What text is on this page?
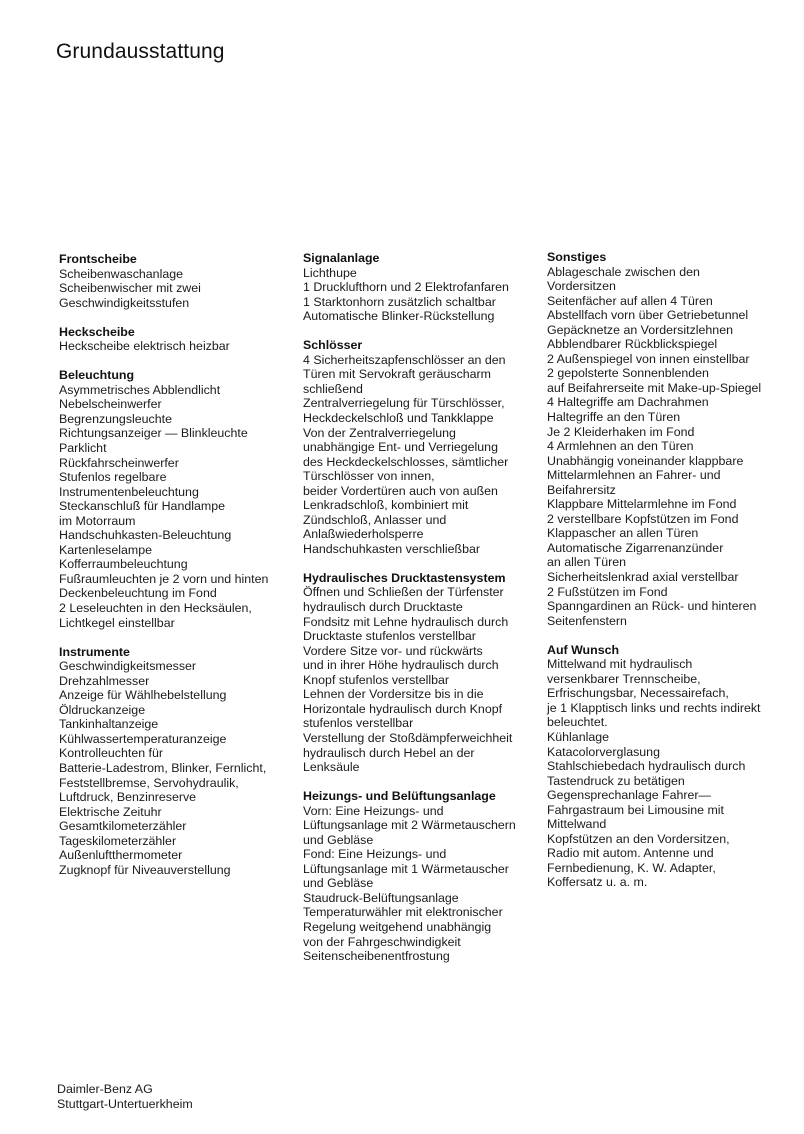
Grundausstattung
Frontscheibe
Scheibenwaschanlage
Scheibenwischer mit zwei
Geschwindigkeitsstufen
Heckscheibe
Heckscheibe elektrisch heizbar
Beleuchtung
Asymmetrisches Abblendlicht
Nebelscheinwerfer
Begrenzungsleuchte
Richtungsanzeiger — Blinkleuchte
Parklicht
Rückfahrscheinwerfer
Stufenlos regelbare
Instrumentenbeleuchtung
Steckanschluß für Handlampe
im Motorraum
Handschuhkasten-Beleuchtung
Kartenleselampe
Kofferraumbeleuchtung
Fußraumleuchten je 2 vorn und hinten
Deckenbeleuchtung im Fond
2 Leseleuchten in den Hecksäulen,
Lichtkegel einstellbar
Instrumente
Geschwindigkeitsmesser
Drehzahlmesser
Anzeige für Wählhebelstellung
Öldruckanzeige
Tankinhaltanzeige
Kühlwassertemperaturanzeige
Kontrolleuchten für
Batterie-Ladestrom, Blinker, Fernlicht,
Feststellbremse, Servohydraulik,
Luftdruck, Benzinreserve
Elektrische Zeituhr
Gesamtkilometerzähler
Tageskilometerzähler
Außenluftthermometer
Zugknopf für Niveauverstellung
Signalanlage
Lichthupe
1 Drucklufthorn und 2 Elektrofanfaren
1 Starktonhorn zusätzlich schaltbar
Automatische Blinker-Rückstellung
Schlösser
4 Sicherheitszapfenschlösser an den
Türen mit Servokraft geräuscharm
schließend
Zentralverriegelung für Türschlösser,
Heckdeckelschloß und Tankklappe
Von der Zentralverriegelung
unabhängige Ent- und Verriegelung
des Heckdeckelschlosses, sämtlicher
Türschlösser von innen,
beider Vordertüren auch von außen
Lenkradschloß, kombiniert mit
Zündschloß, Anlasser und
Anlaßwiederholsperre
Handschuhkasten verschließbar
Hydraulisches Drucktastensystem
Öffnen und Schließen der Türfenster
hydraulisch durch Drucktaste
Fondsitz mit Lehne hydraulisch durch
Drucktaste stufenlos verstellbar
Vordere Sitze vor- und rückwärts
und in ihrer Höhe hydraulisch durch
Knopf stufenlos verstellbar
Lehnen der Vordersitze bis in die
Horizontale hydraulisch durch Knopf
stufenlos verstellbar
Verstellung der Stoßdämpferweichheit
hydraulisch durch Hebel an der
Lenksäule
Heizungs- und Belüftungsanlage
Vorn: Eine Heizungs- und
Lüftungsanlage mit 2 Wärmetauschern
und Gebläse
Fond: Eine Heizungs- und
Lüftungsanlage mit 1 Wärmetauscher
und Gebläse
Staudruck-Belüftungsanlage
Temperaturwähler mit elektronischer
Regelung weitgehend unabhängig
von der Fahrgeschwindigkeit
Seitenscheibenentfrostung
Sonstiges
Ablageschale zwischen den
Vordersitzen
Seitenfächer auf allen 4 Türen
Abstellfach vorn über Getriebetunnel
Gepäcknetze an Vordersitzlehnen
Abblendbarer Rückblickspiegel
2 Außenspiegel von innen einstellbar
2 gepolsterte Sonnenblenden
auf Beifahrerseite mit Make-up-Spiegel
4 Haltegriffe am Dachrahmen
Haltegriffe an den Türen
Je 2 Kleiderhaken im Fond
4 Armlehnen an den Türen
Unabhängig voneinander klappbare
Mittelarmlehnen an Fahrer- und
Beifahrersitz
Klappbare Mittelarmlehne im Fond
2 verstellbare Kopfstützen im Fond
Klappascher an allen Türen
Automatische Zigarrenanzünder
an allen Türen
Sicherheitslenkrad axial verstellbar
2 Fußstützen im Fond
Spanngardinen an Rück- und hinteren
Seitenfenstern
Auf Wunsch
Mittelwand mit hydraulisch
versenkbarer Trennscheibe,
Erfrischungsbar, Necessairefach,
je 1 Klapptisch links und rechts indirekt
beleuchtet.
Kühlanlage
Katacolorverglasung
Stahlschiebedach hydraulisch durch
Tastendruck zu betätigen
Gegensprechanlage Fahrer—
Fahrgastraum bei Limousine mit
Mittelwand
Kopfstützen an den Vordersitzen,
Radio mit autom. Antenne und
Fernbedienung, K. W. Adapter,
Koffersatz u. a. m.
Daimler-Benz AG
Stuttgart-Untertuerkheim
